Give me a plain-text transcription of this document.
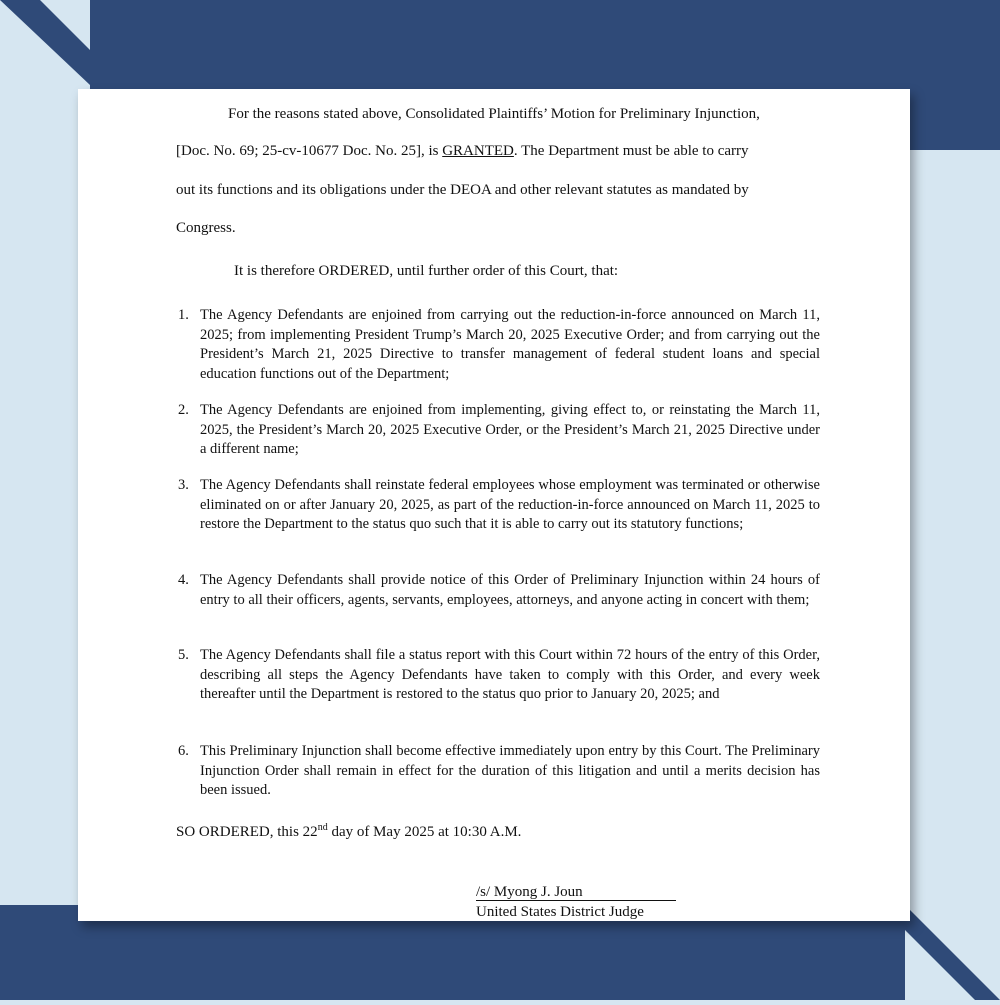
For the reasons stated above, Consolidated Plaintiffs’ Motion for Preliminary Injunction,
[Doc. No. 69; 25-cv-10677 Doc. No. 25], is GRANTED. The Department must be able to carry
out its functions and its obligations under the DEOA and other relevant statutes as mandated by
Congress.
It is therefore ORDERED, until further order of this Court, that:
1. The Agency Defendants are enjoined from carrying out the reduction-in-force announced on March 11, 2025; from implementing President Trump’s March 20, 2025 Executive Order; and from carrying out the President’s March 21, 2025 Directive to transfer management of federal student loans and special education functions out of the Department;
2. The Agency Defendants are enjoined from implementing, giving effect to, or reinstating the March 11, 2025, the President’s March 20, 2025 Executive Order, or the President’s March 21, 2025 Directive under a different name;
3. The Agency Defendants shall reinstate federal employees whose employment was terminated or otherwise eliminated on or after January 20, 2025, as part of the reduction-in-force announced on March 11, 2025 to restore the Department to the status quo such that it is able to carry out its statutory functions;
4. The Agency Defendants shall provide notice of this Order of Preliminary Injunction within 24 hours of entry to all their officers, agents, servants, employees, attorneys, and anyone acting in concert with them;
5. The Agency Defendants shall file a status report with this Court within 72 hours of the entry of this Order, describing all steps the Agency Defendants have taken to comply with this Order, and every week thereafter until the Department is restored to the status quo prior to January 20, 2025; and
6. This Preliminary Injunction shall become effective immediately upon entry by this Court. The Preliminary Injunction Order shall remain in effect for the duration of this litigation and until a merits decision has been issued.
SO ORDERED, this 22nd day of May 2025 at 10:30 A.M.
/s/ Myong J. Joun
United States District Judge
